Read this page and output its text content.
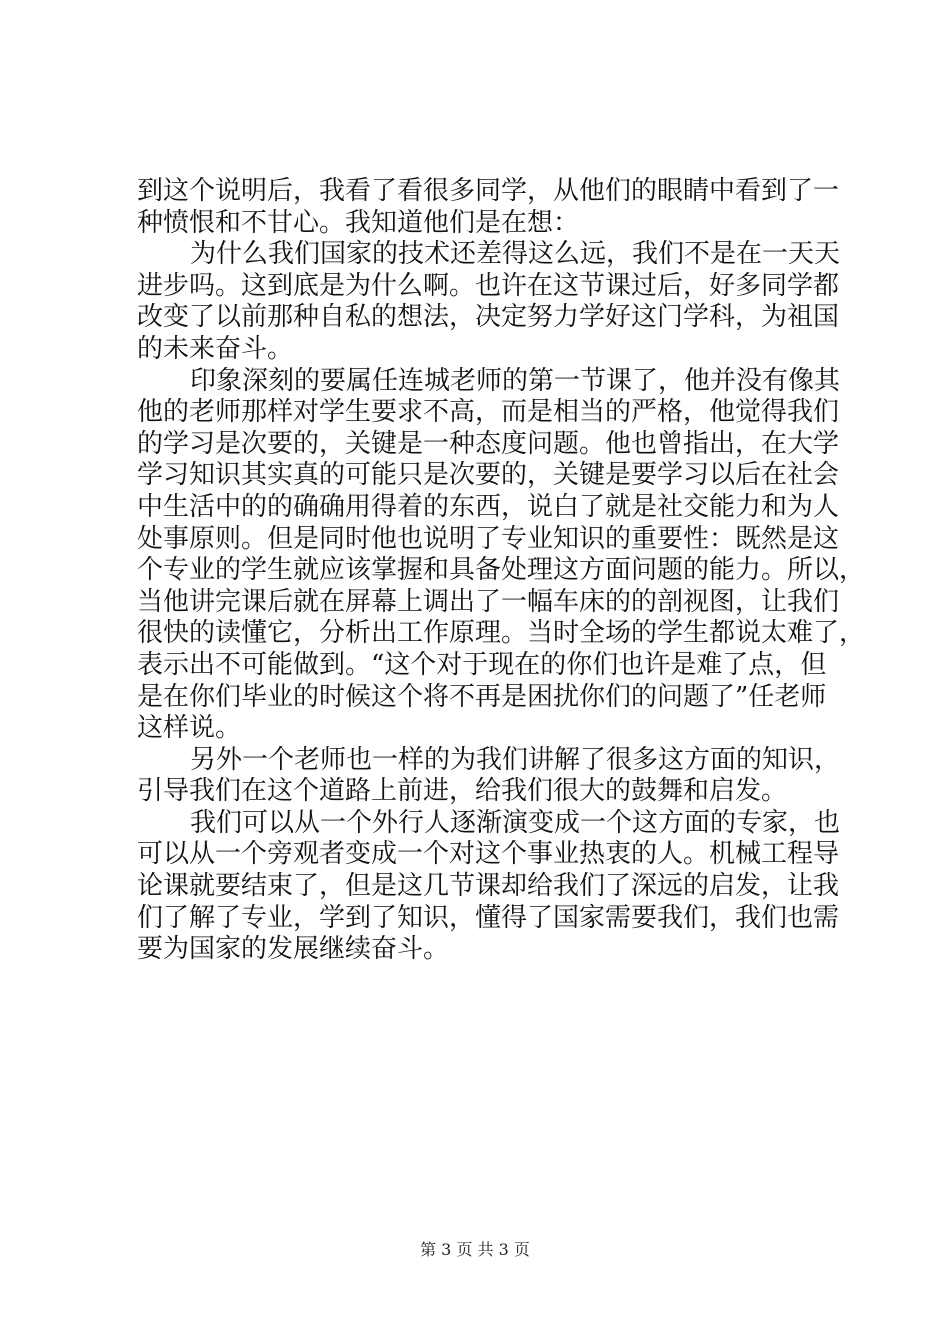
到这个说明后，我看了看很多同学，从他们的眼睛中看到了一
种愤恨和不甘心。我知道他们是在想：
为什么我们国家的技术还差得这么远，我们不是在一天天
进步吗。这到底是为什么啊。也许在这节课过后，好多同学都
改变了以前那种自私的想法，决定努力学好这门学科，为祖国
的未来奋斗。
印象深刻的要属任连城老师的第一节课了，他并没有像其
他的老师那样对学生要求不高，而是相当的严格，他觉得我们
的学习是次要的，关键是一种态度问题。他也曾指出，在大学
学习知识其实真的可能只是次要的，关键是要学习以后在社会
中生活中的的确确用得着的东西，说白了就是社交能力和为人
处事原则。但是同时他也说明了专业知识的重要性：既然是这
个专业的学生就应该掌握和具备处理这方面问题的能力。所以，
当他讲完课后就在屏幕上调出了一幅车床的的剖视图，让我们
很快的读懂它，分析出工作原理。当时全场的学生都说太难了，
表示出不可能做到。“这个对于现在的你们也许是难了点，但
是在你们毕业的时候这个将不再是困扰你们的问题了”任老师
这样说。
另外一个老师也一样的为我们讲解了很多这方面的知识，
引导我们在这个道路上前进，给我们很大的鼓舞和启发。
我们可以从一个外行人逐渐演变成一个这方面的专家，也
可以从一个旁观者变成一个对这个事业热衷的人。机械工程导
论课就要结束了，但是这几节课却给我们了深远的启发，让我
们了解了专业，学到了知识，懂得了国家需要我们，我们也需
要为国家的发展继续奋斗。
第 3 页 共 3 页
